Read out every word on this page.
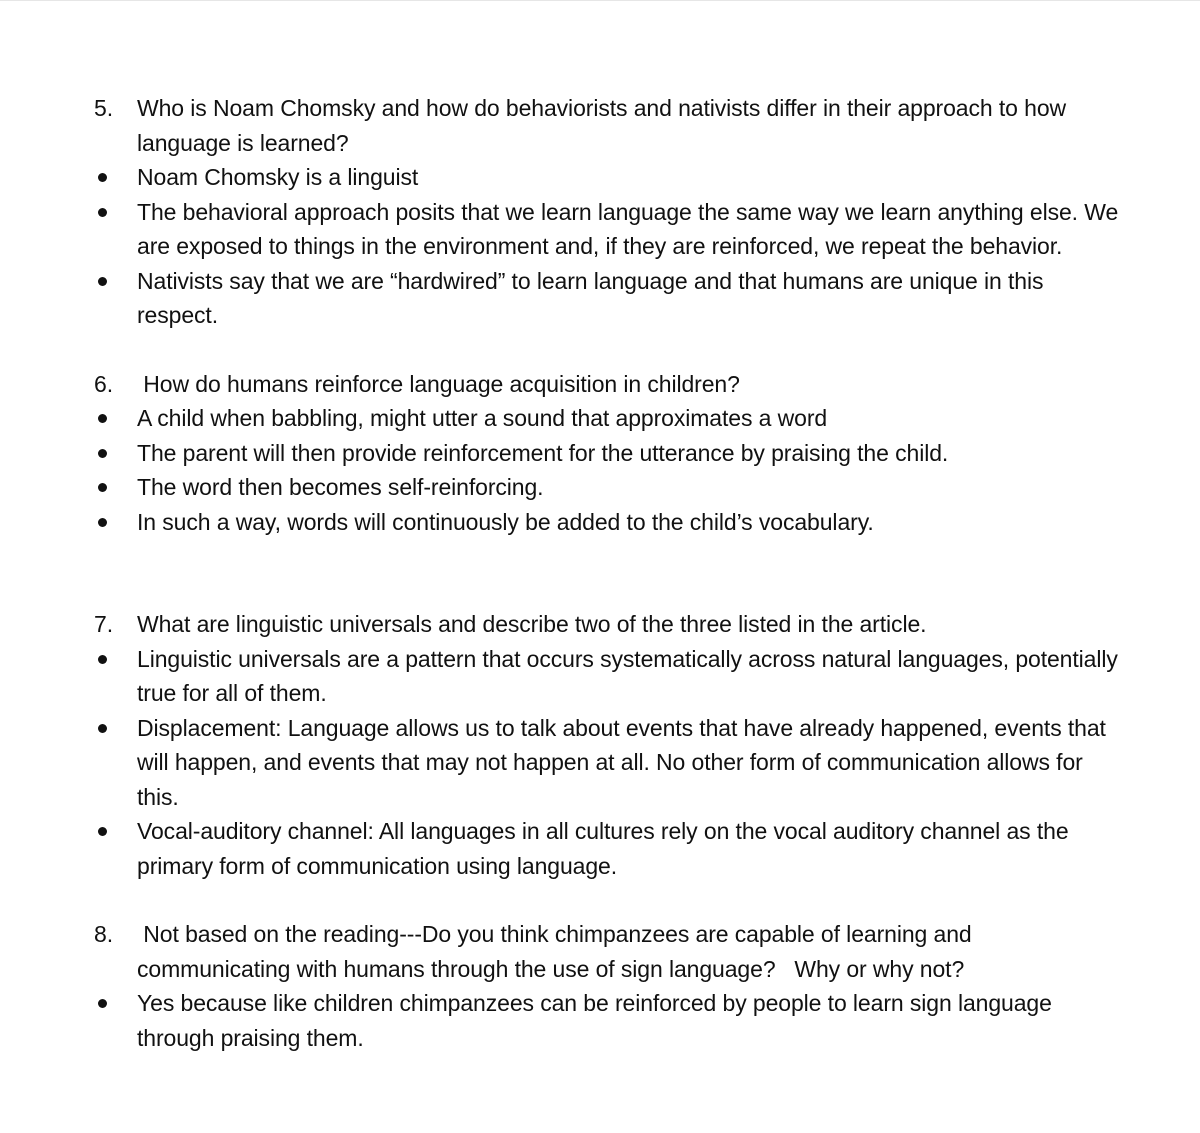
5. Who is Noam Chomsky and how do behaviorists and nativists differ in their approach to how language is learned?
Noam Chomsky is a linguist
The behavioral approach posits that we learn language the same way we learn anything else. We are exposed to things in the environment and, if they are reinforced, we repeat the behavior.
Nativists say that we are “hardwired” to learn language and that humans are unique in this respect.
6. How do humans reinforce language acquisition in children?
A child when babbling, might utter a sound that approximates a word
The parent will then provide reinforcement for the utterance by praising the child.
The word then becomes self-reinforcing.
In such a way, words will continuously be added to the child’s vocabulary.
7. What are linguistic universals and describe two of the three listed in the article.
Linguistic universals are a pattern that occurs systematically across natural languages, potentially true for all of them.
Displacement: Language allows us to talk about events that have already happened, events that will happen, and events that may not happen at all. No other form of communication allows for this.
Vocal-auditory channel: All languages in all cultures rely on the vocal auditory channel as the primary form of communication using language.
8. Not based on the reading---Do you think chimpanzees are capable of learning and communicating with humans through the use of sign language?   Why or why not?
Yes because like children chimpanzees can be reinforced by people to learn sign language through praising them.
